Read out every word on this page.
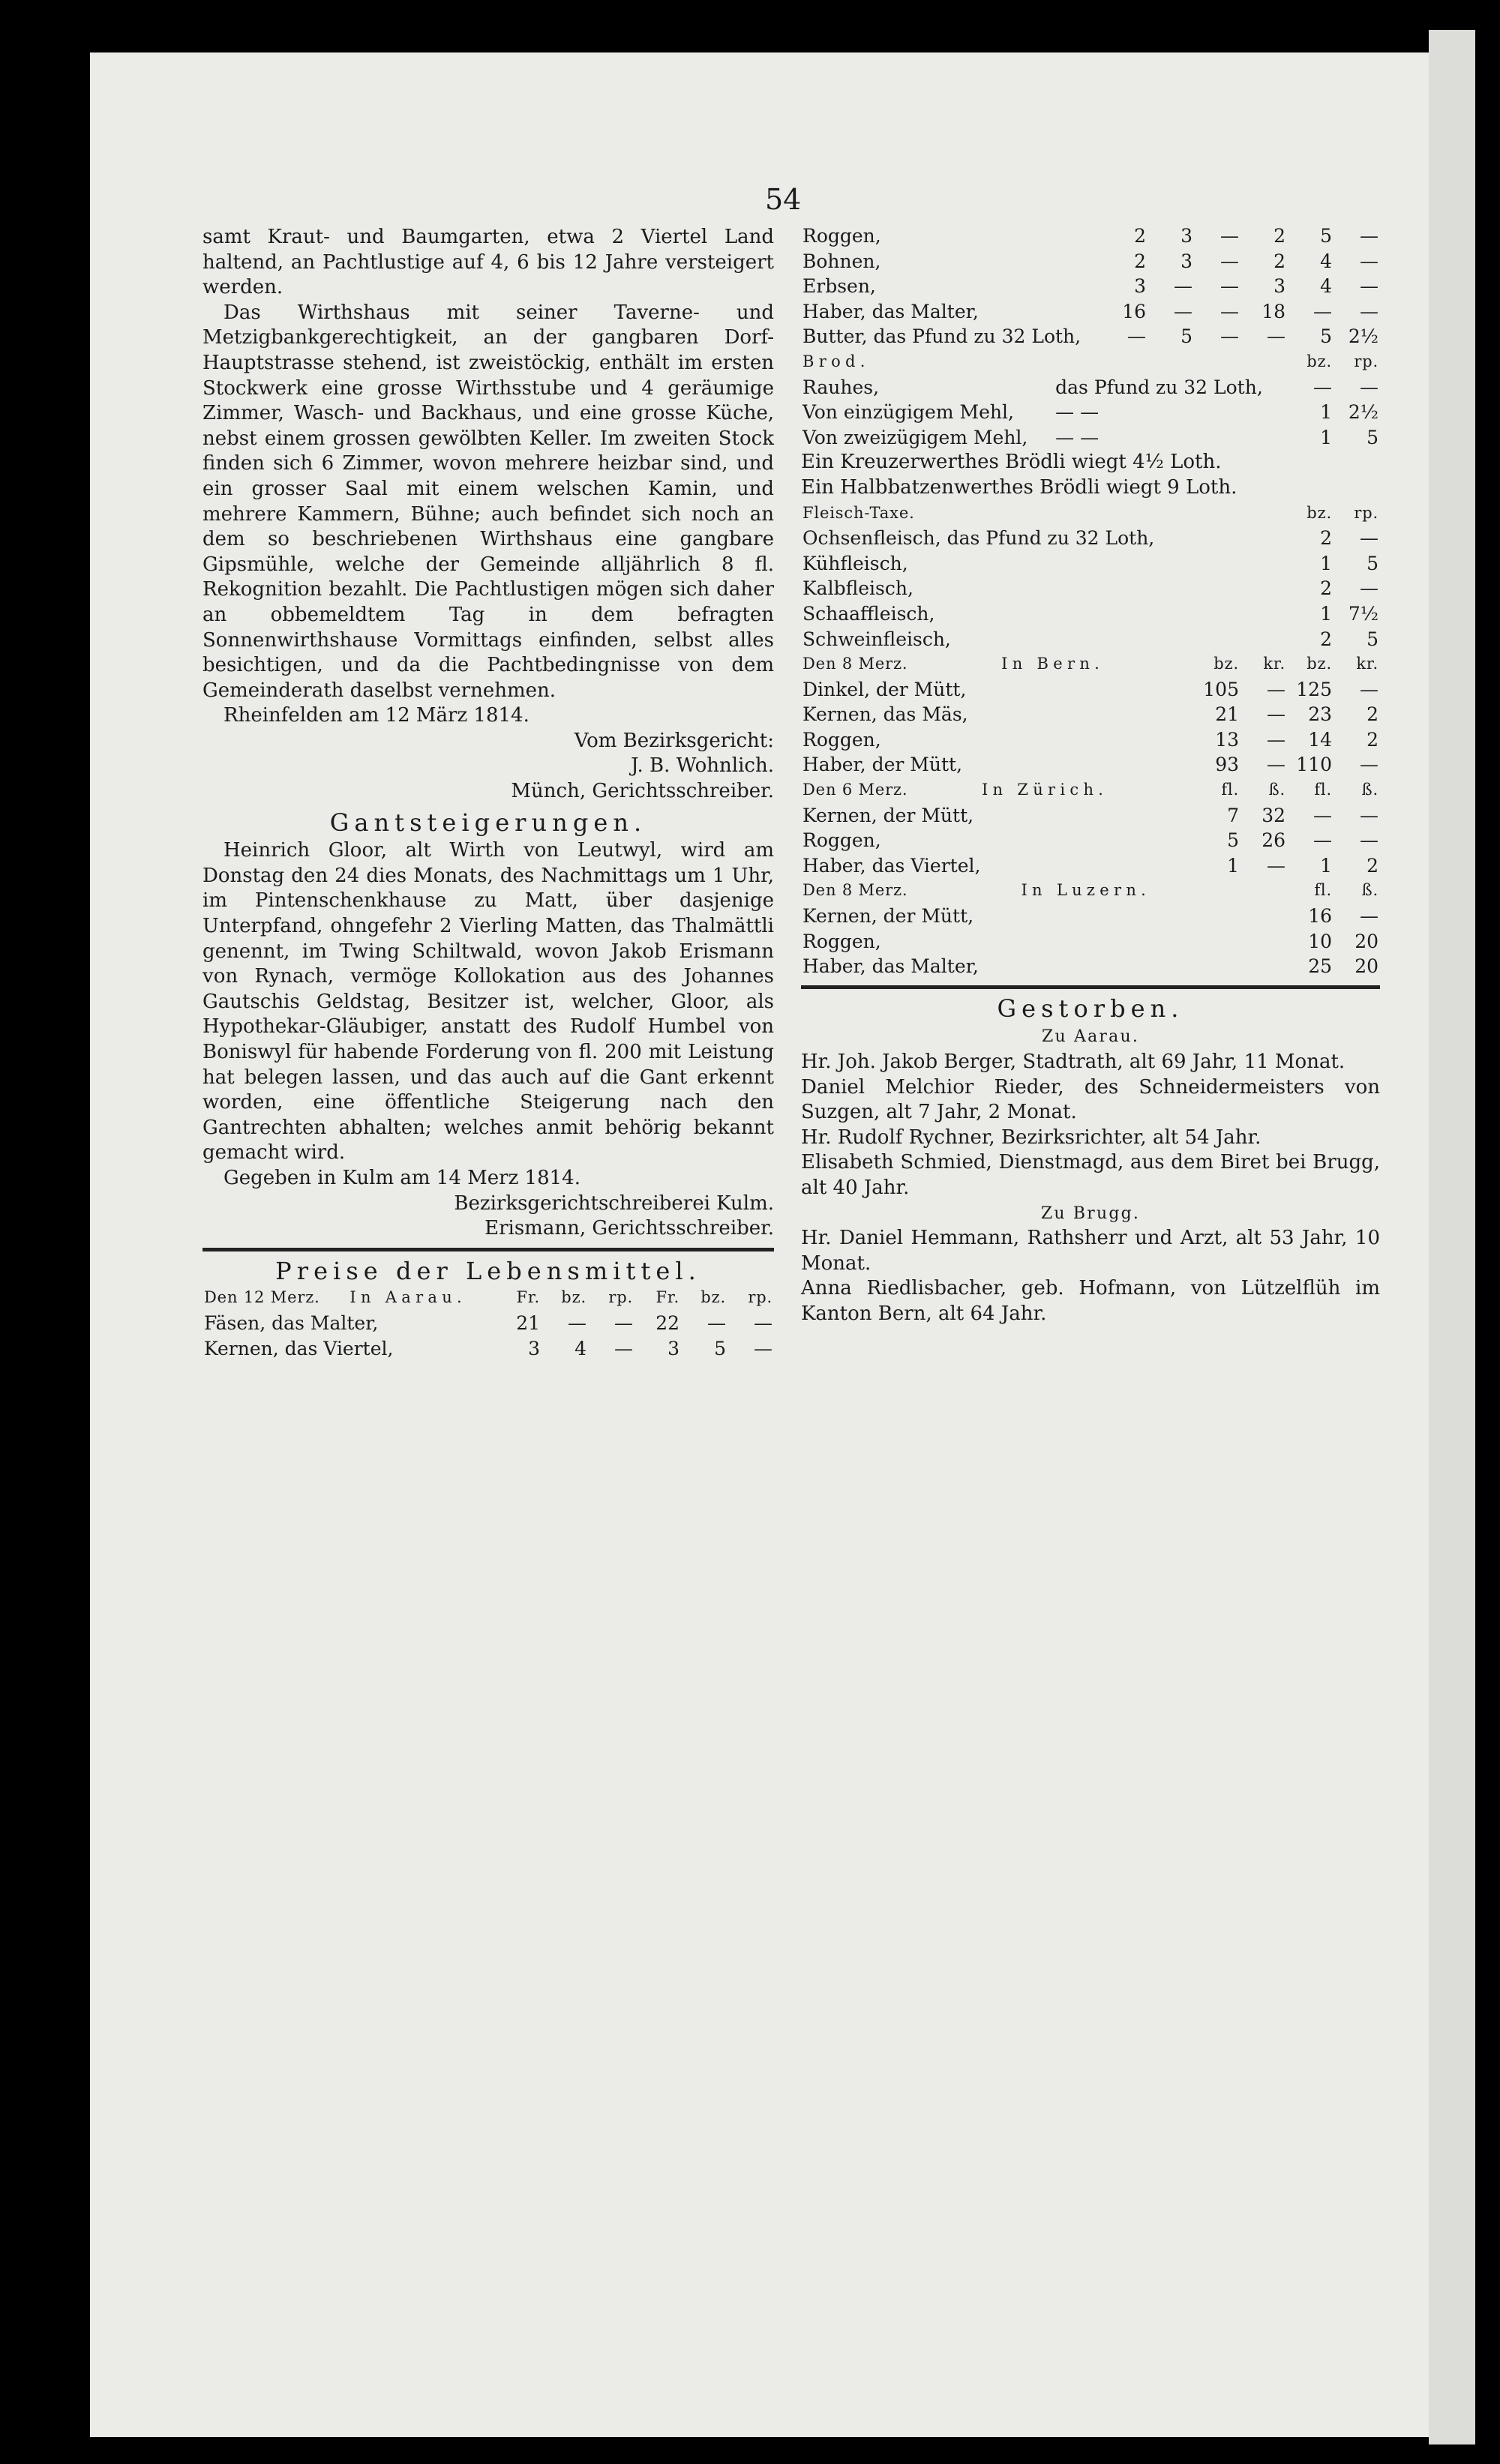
54

samt Kraut- und Baumgarten, etwa 2 Viertel Land haltend, an Pachtlustige auf 4, 6 bis 12 Jahre versteigert werden.

Das Wirthshaus mit seiner Taverne- und Metzigbankgerechtigkeit, an der gangbaren Dorf-Hauptstrasse stehend, ist zweistöckig, enthält im ersten Stockwerk eine grosse Wirthsstube und 4 geräumige Zimmer, Wasch- und Backhaus, und eine grosse Küche, nebst einem grossen gewölbten Keller. Im zweiten Stock finden sich 6 Zimmer, wovon mehrere heizbar sind, und ein grosser Saal mit einem welschen Kamin, und mehrere Kammern, Bühne; auch befindet sich noch an dem so beschriebenen Wirthshaus eine gangbare Gipsmühle, welche der Gemeinde alljährlich 8 fl. Rekognition bezahlt. Die Pachtlustigen mögen sich daher an obbemeldtem Tag in dem befragten Sonnenwirthshause Vormittags einfinden, selbst alles besichtigen, und da die Pachtbedingnisse von dem Gemeinderath daselbst vernehmen.

Rheinfelden am 12 März 1814.

Vom Bezirksgericht:

J. B. Wohnlich.

Münch, Gerichtsschreiber.

Gantsteigerungen.

Heinrich Gloor, alt Wirth von Leutwyl, wird am Donstag den 24 dies Monats, des Nachmittags um 1 Uhr, im Pintenschenkhause zu Matt, über dasjenige Unterpfand, ohngefehr 2 Vierling Matten, das Thalmättli genennt, im Twing Schiltwald, wovon Jakob Erismann von Rynach, vermöge Kollokation aus des Johannes Gautschis Geldstag, Besitzer ist, welcher, Gloor, als Hypothekar-Gläubiger, anstatt des Rudolf Humbel von Boniswyl für habende Forderung von fl. 200 mit Leistung hat belegen lassen, und das auch auf die Gant erkennt worden, eine öffentliche Steigerung nach den Gantrechten abhalten; welches anmit behörig bekannt gemacht wird.

Gegeben in Kulm am 14 Merz 1814.

Bezirksgerichtschreiberei Kulm.

Erismann, Gerichtsschreiber.

Preise der Lebensmittel.
Den 12 Merz.	In Aarau.	Fr.	bz.	rp.	Fr.	bz.	rp.
Fäsen, das Malter,		21	—	—	22	—	—
Kernen, das Viertel,		3	4	—	3	5	—
Roggen,	2	3	—	2	5	—
Bohnen,	2	3	—	2	4	—
Erbsen,	3	—	—	3	4	—
Haber, das Malter,	16	—	—	18	—	—
Butter, das Pfund zu 32 Loth,	—	5	—	—	5	2½
Brod.		bz.	rp.
Rauhes,	das Pfund zu 32 Loth,	—	—
Von einzügigem Mehl,	— —	1	2½
Von zweizügigem Mehl,	— —	1	5
Ein Kreuzerwerthes Brödli wiegt 4½ Loth.
Ein Halbbatzenwerthes Brödli wiegt 9 Loth.
Fleisch-Taxe.	bz.	rp.
Ochsenfleisch, das Pfund zu 32 Loth,	2	—
Kühfleisch,	1	5
Kalbfleisch,	2	—
Schaaffleisch,	1	7½
Schweinfleisch,	2	5
Den 8 Merz.	In Bern.	bz.	kr.	bz.	kr.
Dinkel, der Mütt,		105	—	125	—
Kernen, das Mäs,		21	—	23	2
Roggen,		13	—	14	2
Haber, der Mütt,		93	—	110	—
Den 6 Merz.	In Zürich.	fl.	ß.	fl.	ß.
Kernen, der Mütt,		7	32	—	—
Roggen,		5	26	—	—
Haber, das Viertel,		1	—	1	2
Den 8 Merz.	In Luzern.	fl.	ß.
Kernen, der Mütt,		16	—
Roggen,		10	20
Haber, das Malter,		25	20
Gestorben.
Zu Aarau.

Hr. Joh. Jakob Berger, Stadtrath, alt 69 Jahr, 11 Monat.

Daniel Melchior Rieder, des Schneidermeisters von Suzgen, alt 7 Jahr, 2 Monat.

Hr. Rudolf Rychner, Bezirksrichter, alt 54 Jahr.

Elisabeth Schmied, Dienstmagd, aus dem Biret bei Brugg, alt 40 Jahr.

Zu Brugg.

Hr. Daniel Hemmann, Rathsherr und Arzt, alt 53 Jahr, 10 Monat.

Anna Riedlisbacher, geb. Hofmann, von Lützelflüh im Kanton Bern, alt 64 Jahr.
